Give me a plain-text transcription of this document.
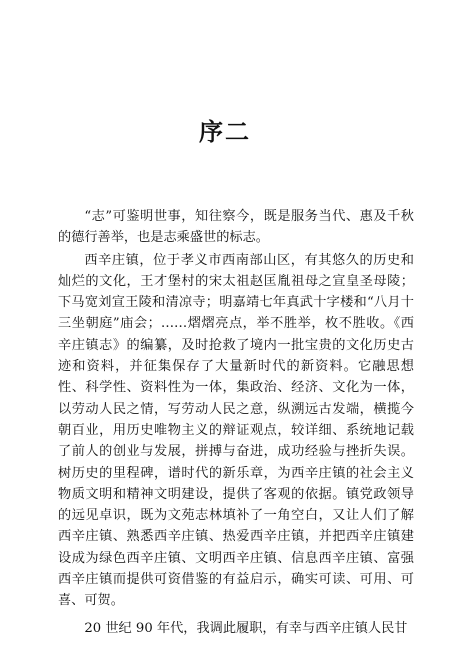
序二

“志”可鉴明世事，知往察今，既是服务当代、惠及千秋的德行善举，也是志乘盛世的标志。

西辛庄镇，位于孝义市西南部山区，有其悠久的历史和灿烂的文化，王才堡村的宋太祖赵匡胤祖母之宣皇圣母陵；下马宽刘宣王陵和清凉寺；明嘉靖七年真武十字楼和“八月十三坐朝庭”庙会；……熠熠亮点，举不胜举，枚不胜收。《西辛庄镇志》的编纂，及时抢救了境内一批宝贵的文化历史古迹和资料，并征集保存了大量新时代的新资料。它融思想性、科学性、资料性为一体，集政治、经济、文化为一体，以劳动人民之情，写劳动人民之意，纵溯远古发端，横揽今朝百业，用历史唯物主义的辩证观点，较详细、系统地记载了前人的创业与发展，拼搏与奋进，成功经验与挫折失误。树历史的里程碑，谱时代的新乐章，为西辛庄镇的社会主义物质文明和精神文明建设，提供了客观的依据。镇党政领导的远见卓识，既为文苑志林填补了一角空白，又让人们了解西辛庄镇、熟悉西辛庄镇、热爱西辛庄镇，并把西辛庄镇建设成为绿色西辛庄镇、文明西辛庄镇、信息西辛庄镇、富强西辛庄镇而提供可资借鉴的有益启示，确实可读、可用、可喜、可贺。

20 世纪 90 年代，我调此履职，有幸与西辛庄镇人民甘
